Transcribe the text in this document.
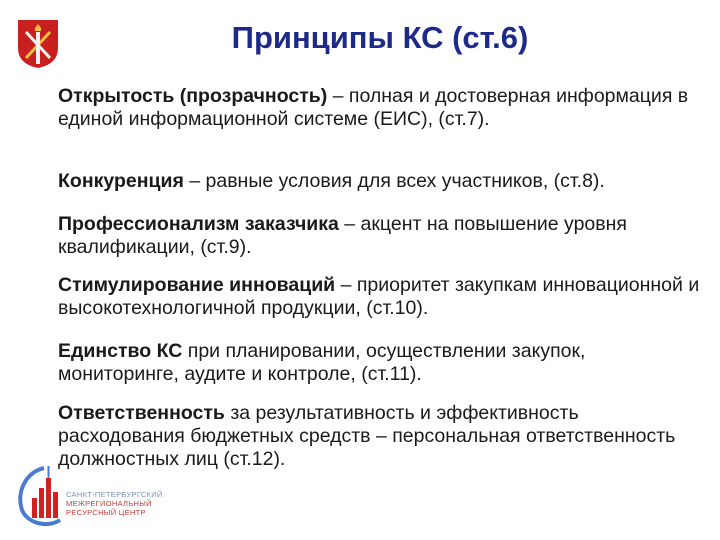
Принципы КС (ст.6)
Открытость (прозрачность) – полная и достоверная информация в единой информационной системе (ЕИС), (ст.7).
Конкуренция – равные условия для всех участников, (ст.8).
Профессионализм заказчика – акцент на повышение уровня квалификации, (ст.9).
Стимулирование инноваций – приоритет закупкам инновационной и высокотехнологичной продукции, (ст.10).
Единство КС при планировании, осуществлении закупок, мониторинге, аудите и контроле, (ст.11).
Ответственность за результативность и эффективность расходования бюджетных средств – персональная ответственность должностных лиц (ст.12).
САНКТ-ПЕТЕРБУРГСКИЙ
МЕЖРЕГИОНАЛЬНЫЙ
РЕСУРСНЫЙ ЦЕНТР
